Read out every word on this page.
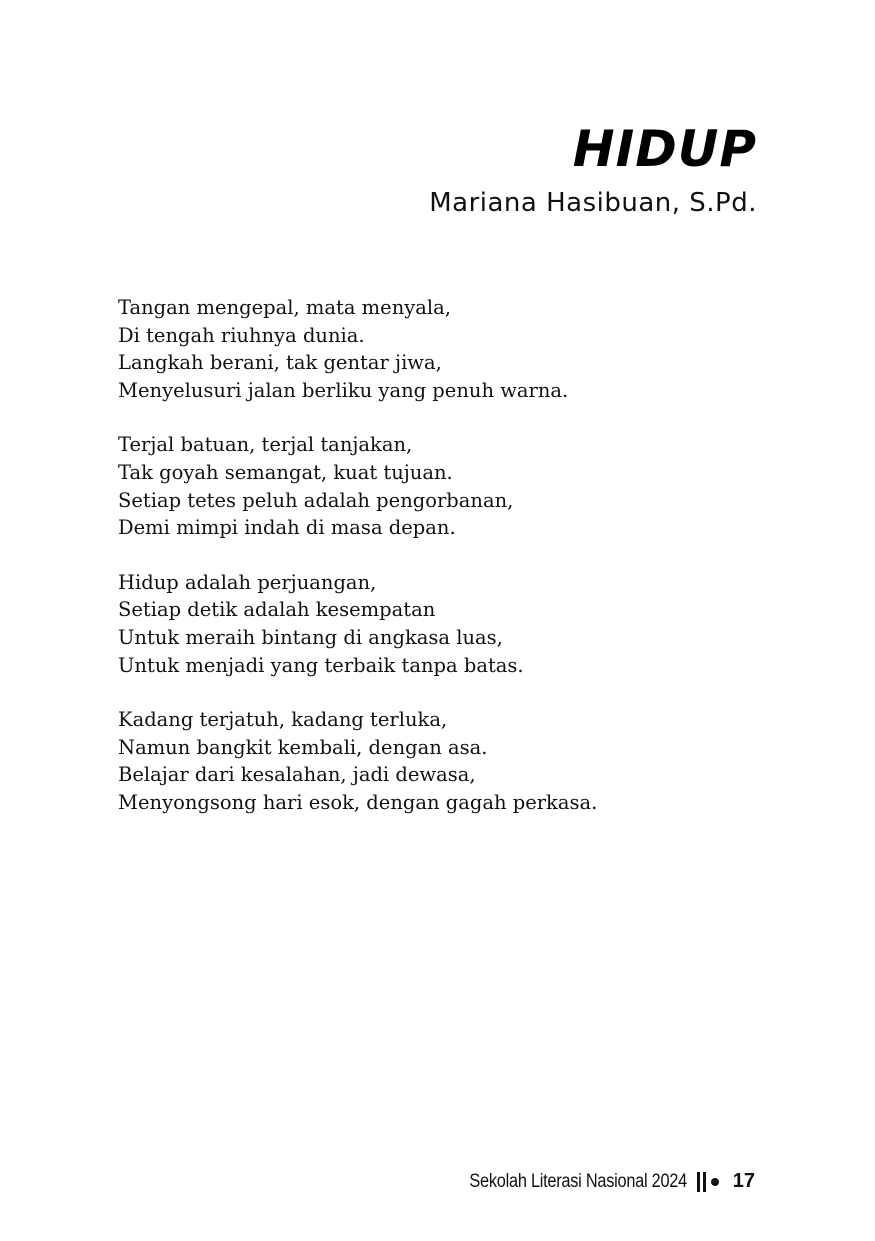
HIDUP

Mariana Hasibuan, S.Pd.

Tangan mengepal, mata menyala,
Di tengah riuhnya dunia.
Langkah berani, tak gentar jiwa,
Menyelusuri jalan berliku yang penuh warna.
Terjal batuan, terjal tanjakan,
Tak goyah semangat, kuat tujuan.
Setiap tetes peluh adalah pengorbanan,
Demi mimpi indah di masa depan.
Hidup adalah perjuangan,
Setiap detik adalah kesempatan
Untuk meraih bintang di angkasa luas,
Untuk menjadi yang terbaik tanpa batas.
Kadang terjatuh, kadang terluka,
Namun bangkit kembali, dengan asa.
Belajar dari kesalahan, jadi dewasa,
Menyongsong hari esok, dengan gagah perkasa.
Sekolah Literasi Nasional 2024 17
